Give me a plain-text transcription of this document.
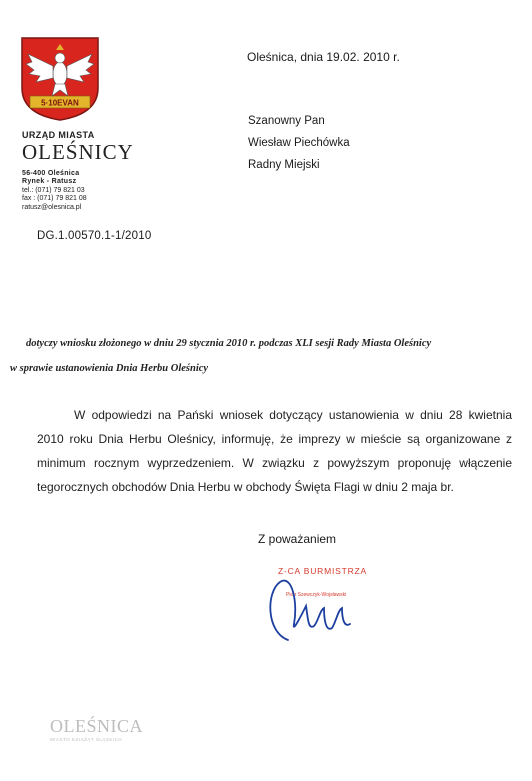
5·10EVAN
URZĄD MIASTA
OLEŚNICY
56-400 Oleśnica
Rynek - Ratusz
tel.: (071) 79 821 03
fax : (071) 79 821 08
ratusz@olesnica.pl
Oleśnica, dnia 19.02. 2010 r.
Szanowny Pan
Wiesław Piechówka
Radny Miejski
DG.1.00570.1-1/2010
dotyczy wniosku złożonego w dniu 29 stycznia 2010 r. podczas XLI sesji Rady Miasta Oleśnicy
w sprawie ustanowienia Dnia Herbu Oleśnicy

W odpowiedzi na Pański wniosek dotyczący ustanowienia w dniu 28 kwietnia 2010 roku Dnia Herbu Oleśnicy, informuję, że imprezy w mieście są organizowane z minimum rocznym wyprzedzeniem. W związku z powyższym proponuję włączenie tegorocznych obchodów Dnia Herbu w obchody Święta Flagi w dniu 2 maja br.

Z poważaniem
Z-CA BURMISTRZA
Piotr Szewczyk-Wojsławski
OLEŚNICA
MIASTO KSIĄŻĄT ŚLĄSKICH
